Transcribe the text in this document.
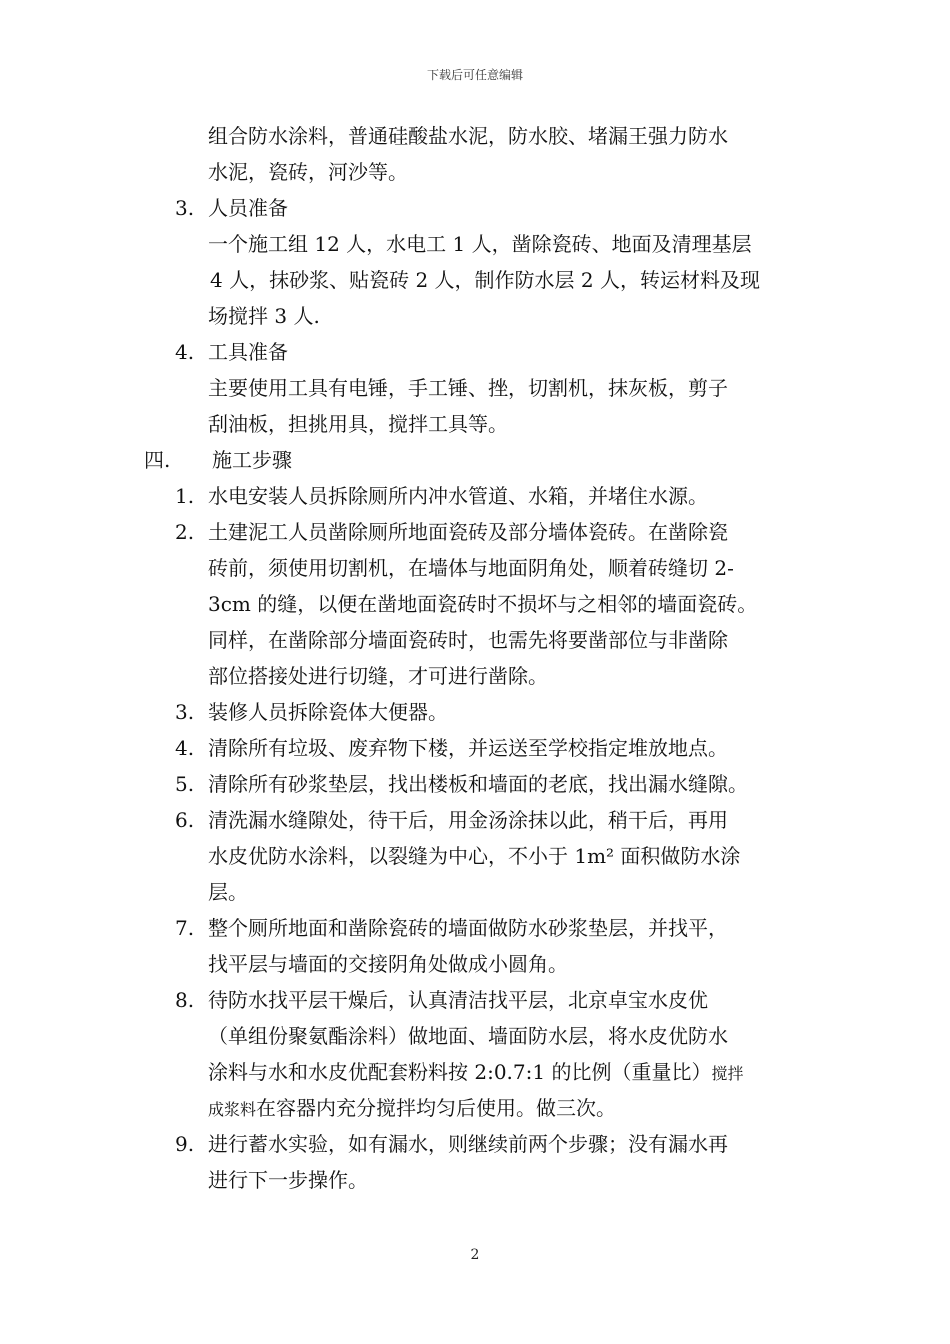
下载后可任意编辑
组合防水涂料，普通硅酸盐水泥，防水胶、堵漏王强力防水
水泥，瓷砖，河沙等。
3. 人员准备
一个施工组 12 人，水电工 1 人，凿除瓷砖、地面及清理基层
4 人，抹砂浆、贴瓷砖 2 人，制作防水层 2 人，转运材料及现
场搅拌 3 人.
4. 工具准备
主要使用工具有电锤，手工锤、挫，切割机，抹灰板，剪子
刮油板，担挑用具，搅拌工具等。
四. 施工步骤
1. 水电安装人员拆除厕所内冲水管道、水箱，并堵住水源。
2. 土建泥工人员凿除厕所地面瓷砖及部分墙体瓷砖。在凿除瓷
砖前，须使用切割机，在墙体与地面阴角处，顺着砖缝切 2-
3cm 的缝，以便在凿地面瓷砖时不损坏与之相邻的墙面瓷砖。
同样，在凿除部分墙面瓷砖时，也需先将要凿部位与非凿除
部位搭接处进行切缝，才可进行凿除。
3. 装修人员拆除瓷体大便器。
4. 清除所有垃圾、废弃物下楼，并运送至学校指定堆放地点。
5. 清除所有砂浆垫层，找出楼板和墙面的老底，找出漏水缝隙。
6. 清洗漏水缝隙处，待干后，用金汤涂抹以此，稍干后，再用
水皮优防水涂料，以裂缝为中心，不小于 1m² 面积做防水涂
层。
7. 整个厕所地面和凿除瓷砖的墙面做防水砂浆垫层，并找平，
找平层与墙面的交接阴角处做成小圆角。
8. 待防水找平层干燥后，认真清洁找平层，北京卓宝水皮优
（单组份聚氨酯涂料）做地面、墙面防水层，将水皮优防水
涂料与水和水皮优配套粉料按 2:0.7:1 的比例（重量比）搅拌
成浆料在容器内充分搅拌均匀后使用。做三次。
9. 进行蓄水实验，如有漏水，则继续前两个步骤；没有漏水再
进行下一步操作。
2
